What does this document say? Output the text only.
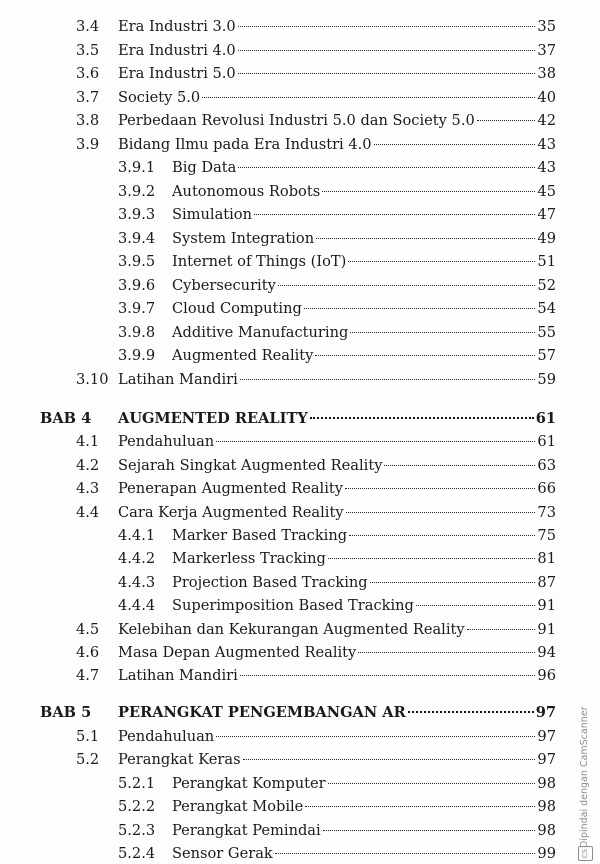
3.4 Era Industri 3.0	35
3.5 Era Industri 4.0	37
3.6 Era Industri 5.0	38
3.7 Society 5.0	40
3.8 Perbedaan Revolusi Industri 5.0 dan Society 5.0	42
3.9 Bidang Ilmu pada Era Industri 4.0	43
3.9.1 Big Data	43
3.9.2 Autonomous Robots	45
3.9.3 Simulation	47
3.9.4 System Integration	49
3.9.5 Internet of Things (IoT)	51
3.9.6 Cybersecurity	52
3.9.7 Cloud Computing	54
3.9.8 Additive Manufacturing	55
3.9.9 Augmented Reality	57
3.10 Latihan Mandiri	59
BAB 4 AUGMENTED REALITY	61
4.1 Pendahuluan	61
4.2 Sejarah Singkat Augmented Reality	63
4.3 Penerapan Augmented Reality	66
4.4 Cara Kerja Augmented Reality	73
4.4.1 Marker Based Tracking	75
4.4.2 Markerless Tracking	81
4.4.3 Projection Based Tracking	87
4.4.4 Superimposition Based Tracking	91
4.5 Kelebihan dan Kekurangan Augmented Reality	91
4.6 Masa Depan Augmented Reality	94
4.7 Latihan Mandiri	96
BAB 5 PERANGKAT PENGEMBANGAN AR	97
5.1 Pendahuluan	97
5.2 Perangkat Keras	97
5.2.1 Perangkat Komputer	98
5.2.2 Perangkat Mobile	98
5.2.3 Perangkat Pemindai	98
5.2.4 Sensor Gerak	99
Dipindai dengan CamScanner
CS
